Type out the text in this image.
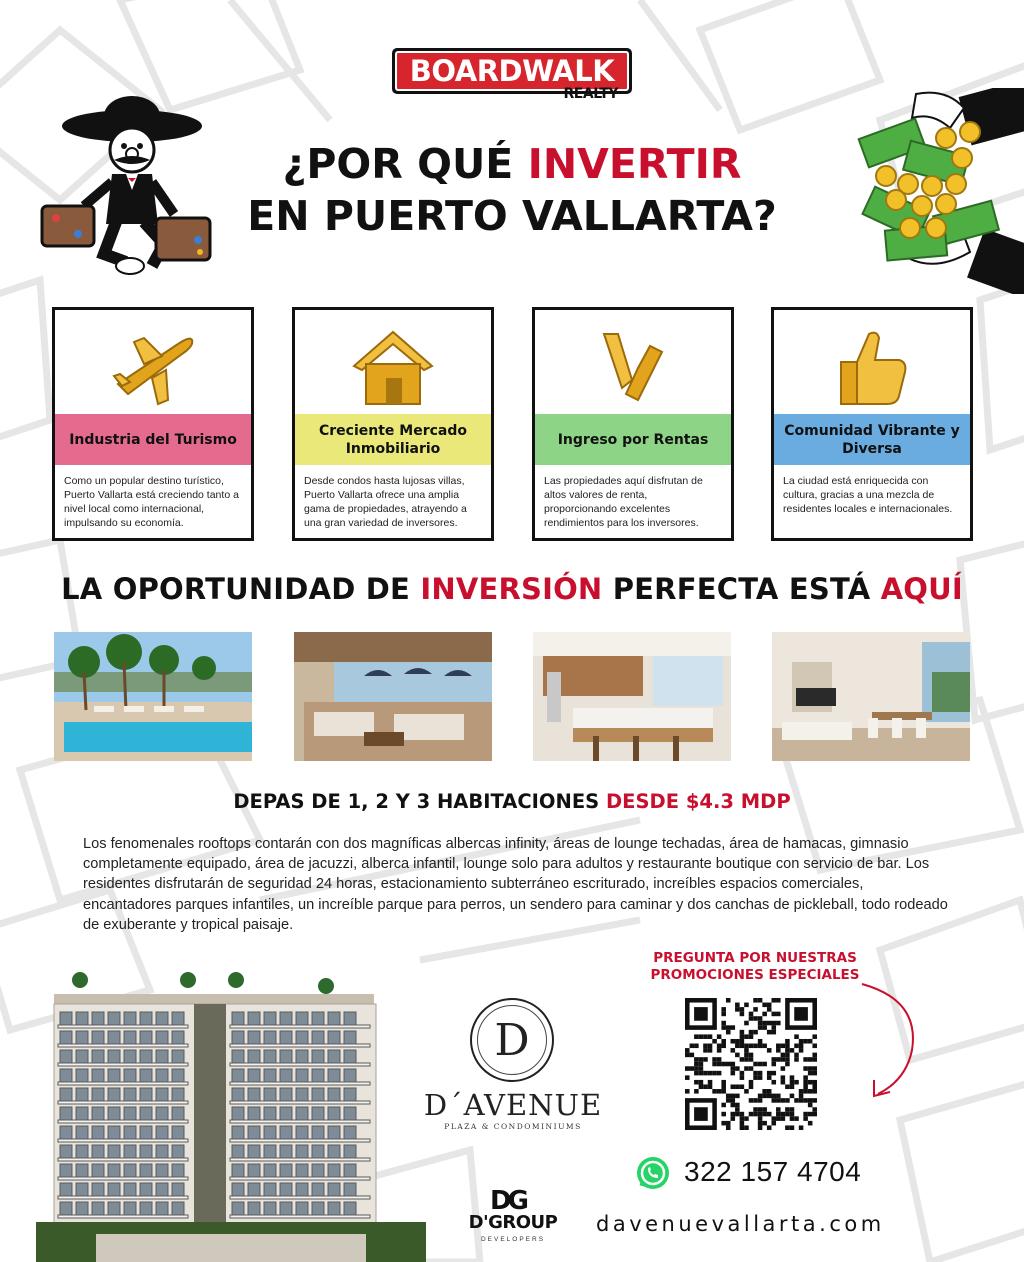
BOARDWALK
REALTY
¿POR QUÉ INVERTIR
EN PUERTO VALLARTA?
Industria del Turismo
Como un popular destino turístico, Puerto Vallarta está creciendo tanto a nivel local como internacional, impulsando su economía.
Creciente Mercado Inmobiliario
Desde condos hasta lujosas villas, Puerto Vallarta ofrece una amplia gama de propiedades, atrayendo a una gran variedad de inversores.
Ingreso por Rentas
Las propiedades aquí disfrutan de altos valores de renta, proporcionando excelentes rendimientos para los inversores.
Comunidad Vibrante y Diversa
La ciudad está enriquecida con cultura, gracias a una mezcla de residentes locales e internacionales.
LA OPORTUNIDAD DE INVERSIÓN PERFECTA ESTÁ AQUÍ
DEPAS DE 1, 2 Y 3 HABITACIONES DESDE $4.3 MDP
Los fenomenales rooftops contarán con dos magníficas albercas infinity, áreas de lounge techadas, área de hamacas, gimnasio completamente equipado, área de jacuzzi, alberca infantil, lounge solo para adultos y restaurante boutique con servicio de bar. Los residentes disfrutarán de seguridad 24 horas, estacionamiento subterráneo escriturado, increíbles espacios comerciales, encantadores parques infantiles, un increíble parque para perros, un sendero para caminar y dos canchas de pickleball, todo rodeado de exuberante y tropical paisaje.
D
D´AVENUE
PLAZA & CONDOMINIUMS
PREGUNTA POR NUESTRAS
PROMOCIONES ESPECIALES
322 157 4704
DG
D'GROUP
DEVELOPERS
davenuevallarta.com
